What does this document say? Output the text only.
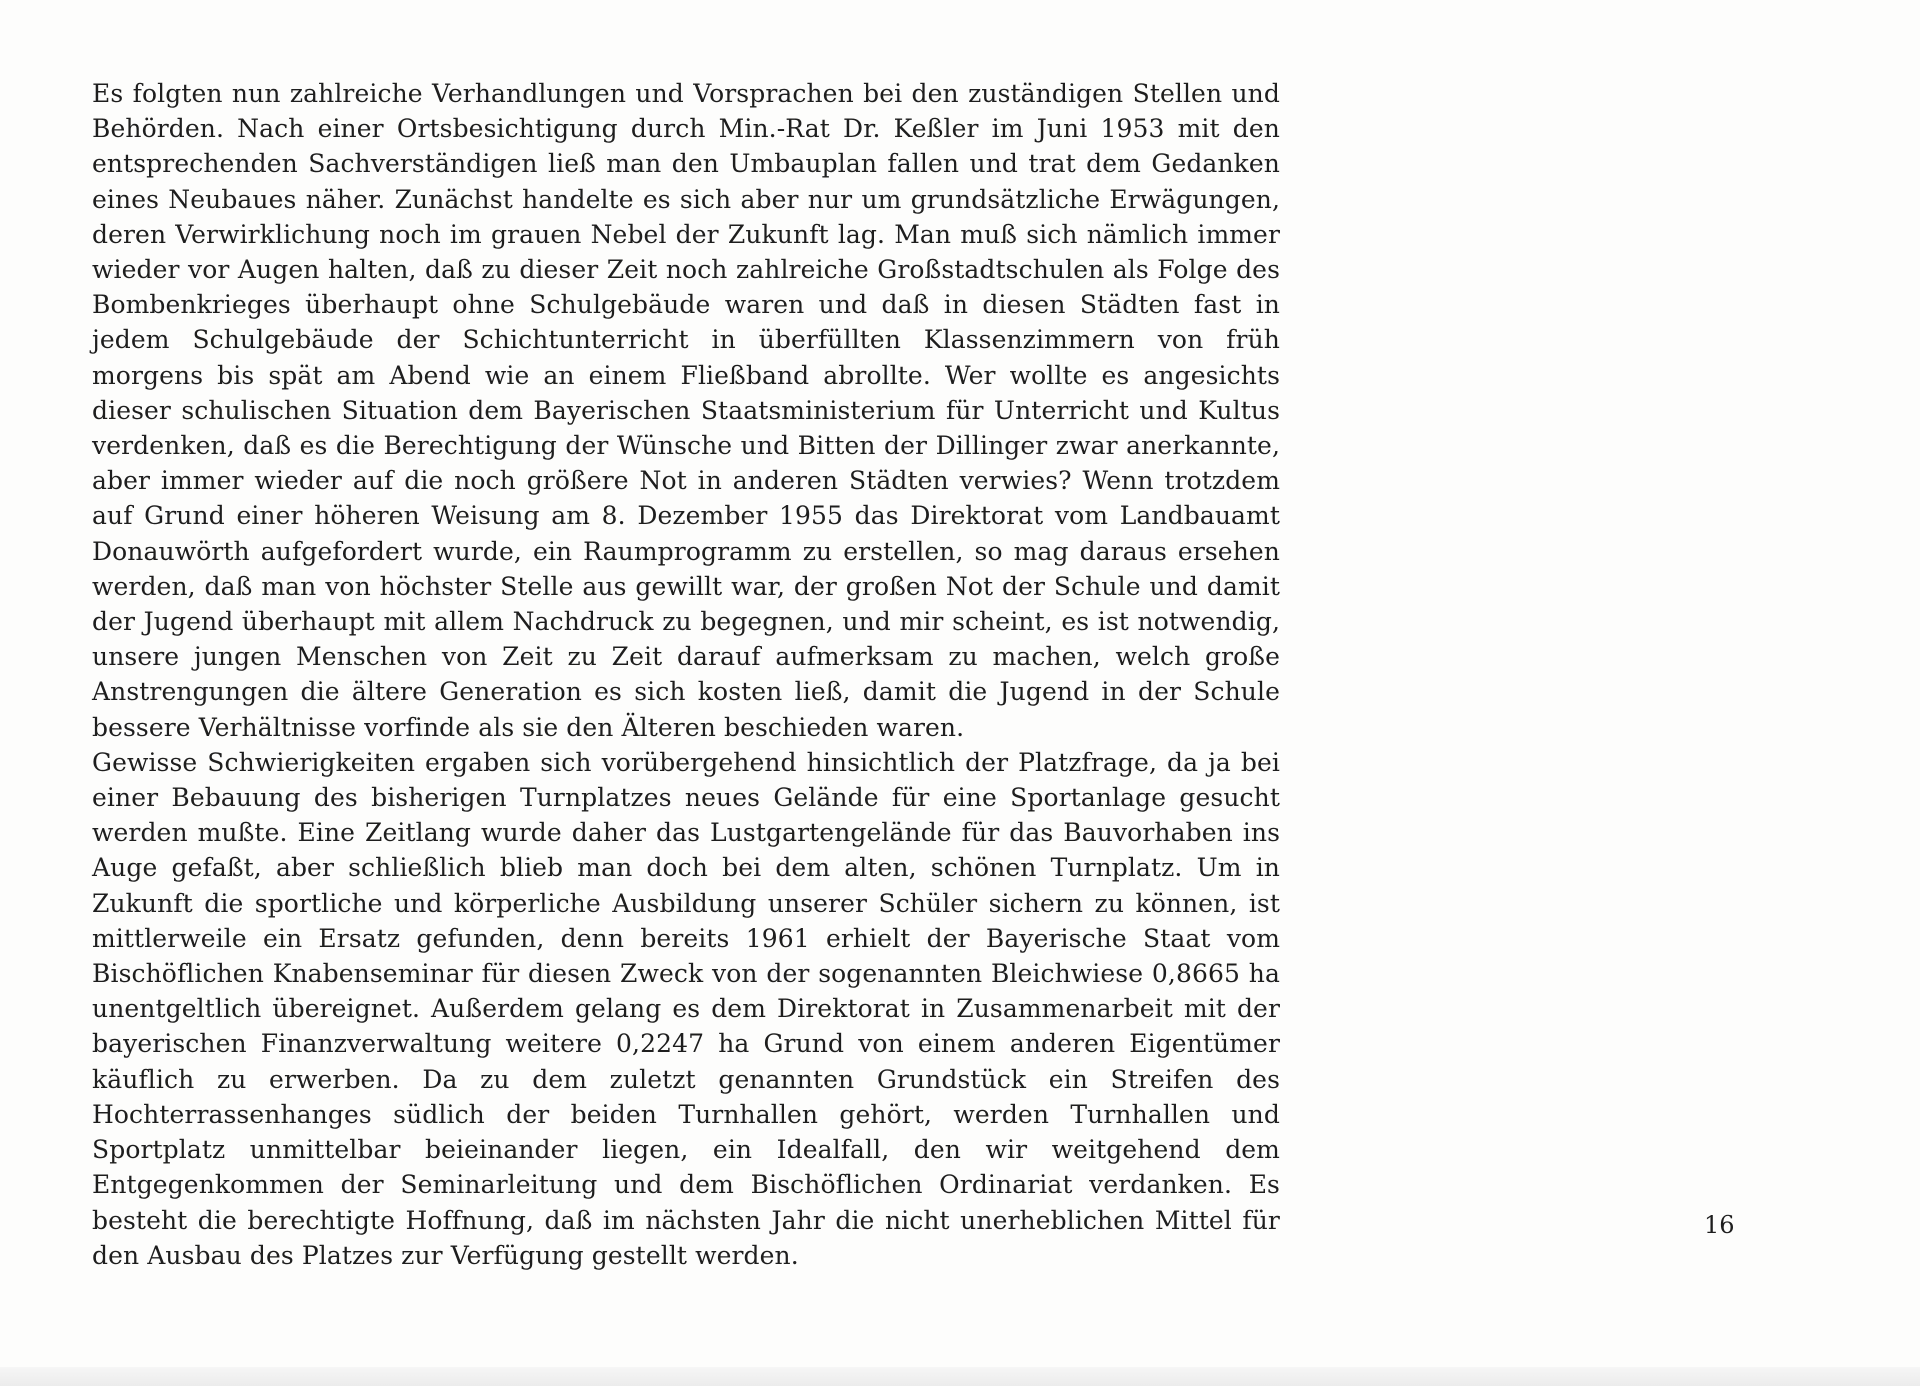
Es folgten nun zahlreiche Verhandlungen und Vorsprachen bei den zuständigen Stellen und Behörden. Nach einer Ortsbesichtigung durch Min.-Rat Dr. Keßler im Juni 1953 mit den entsprechenden Sachverständigen ließ man den Umbauplan fallen und trat dem Gedanken eines Neubaues näher. Zunächst handelte es sich aber nur um grundsätzliche Erwägungen, deren Verwirklichung noch im grauen Nebel der Zukunft lag. Man muß sich nämlich immer wieder vor Augen halten, daß zu dieser Zeit noch zahlreiche Großstadtschulen als Folge des Bombenkrieges überhaupt ohne Schulgebäude waren und daß in diesen Städten fast in jedem Schulgebäude der Schichtunterricht in überfüllten Klassenzimmern von früh morgens bis spät am Abend wie an einem Fließband abrollte. Wer wollte es angesichts dieser schulischen Situation dem Bayerischen Staatsministerium für Unterricht und Kultus verdenken, daß es die Berechtigung der Wünsche und Bitten der Dillinger zwar anerkannte, aber immer wieder auf die noch größere Not in anderen Städten verwies? Wenn trotzdem auf Grund einer höheren Weisung am 8. Dezember 1955 das Direktorat vom Landbauamt Donauwörth aufgefordert wurde, ein Raumprogramm zu erstellen, so mag daraus ersehen werden, daß man von höchster Stelle aus gewillt war, der großen Not der Schule und damit der Jugend überhaupt mit allem Nachdruck zu begegnen, und mir scheint, es ist notwendig, unsere jungen Menschen von Zeit zu Zeit darauf aufmerksam zu machen, welch große Anstrengungen die ältere Generation es sich kosten ließ, damit die Jugend in der Schule bessere Verhältnisse vorfinde als sie den Älteren beschieden waren.

Gewisse Schwierigkeiten ergaben sich vorübergehend hinsichtlich der Platzfrage, da ja bei einer Bebauung des bisherigen Turnplatzes neues Gelände für eine Sportanlage gesucht werden mußte. Eine Zeitlang wurde daher das Lustgartengelände für das Bauvorhaben ins Auge gefaßt, aber schließlich blieb man doch bei dem alten, schönen Turnplatz. Um in Zukunft die sportliche und körperliche Ausbildung unserer Schüler sichern zu können, ist mittlerweile ein Ersatz gefunden, denn bereits 1961 erhielt der Bayerische Staat vom Bischöflichen Knabenseminar für diesen Zweck von der sogenannten Bleichwiese 0,8665 ha unentgeltlich übereignet. Außerdem gelang es dem Direktorat in Zusammenarbeit mit der bayerischen Finanzverwaltung weitere 0,2247 ha Grund von einem anderen Eigentümer käuflich zu erwerben. Da zu dem zuletzt genannten Grundstück ein Streifen des Hochterrassenhanges südlich der beiden Turnhallen gehört, werden Turnhallen und Sportplatz unmittelbar beieinander liegen, ein Idealfall, den wir weitgehend dem Entgegenkommen der Seminarleitung und dem Bischöflichen Ordinariat verdanken. Es besteht die berechtigte Hoffnung, daß im nächsten Jahr die nicht unerheblichen Mittel für den Ausbau des Platzes zur Verfügung gestellt werden.

16
